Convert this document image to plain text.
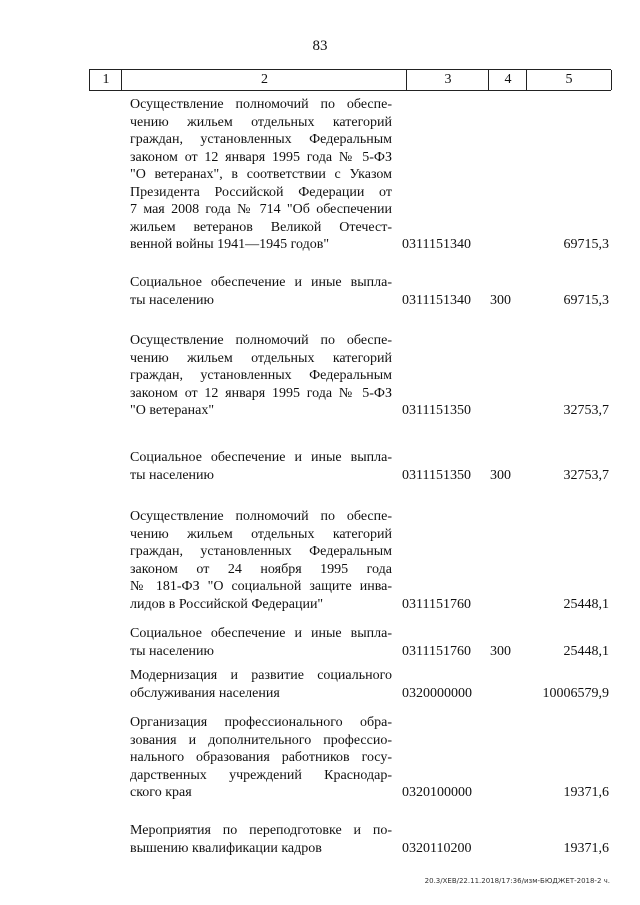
83
1	2	3	4	5
Осуществление полномочий по обеспе-
чению жильем отдельных категорий
граждан, установленных Федеральным
законом от 12 января 1995 года № 5-ФЗ
"О ветеранах", в соответствии с Указом
Президента Российской Федерации от
7 мая 2008 года № 714 "Об обеспечении
жильем ветеранов Великой Отечест-
венной войны 1941—1945 годов"	0311151340	69715,3
Социальное обеспечение и иные выпла-
ты населению	0311151340 300	69715,3
Осуществление полномочий по обеспе-
чению жильем отдельных категорий
граждан, установленных Федеральным
законом от 12 января 1995 года № 5-ФЗ
"О ветеранах"	0311151350	32753,7
Социальное обеспечение и иные выпла-
ты населению	0311151350 300	32753,7
Осуществление полномочий по обеспе-
чению жильем отдельных категорий
граждан, установленных Федеральным
законом от 24 ноября 1995 года
№ 181-ФЗ "О социальной защите инва-
лидов в Российской Федерации"	0311151760	25448,1
Социальное обеспечение и иные выпла-
ты населению	0311151760 300	25448,1
Модернизация и развитие социального
обслуживания населения	0320000000	10006579,9
Организация профессионального обра-
зования и дополнительного профессио-
нального образования работников госу-
дарственных учреждений Краснодар-
ского края	0320100000	19371,6
Мероприятия по переподготовке и по-
вышению квалификации кадров	0320110200	19371,6
20.3/XEB/22.11.2018/17:36/изм-БЮДЖЕТ-2018-2 ч.
